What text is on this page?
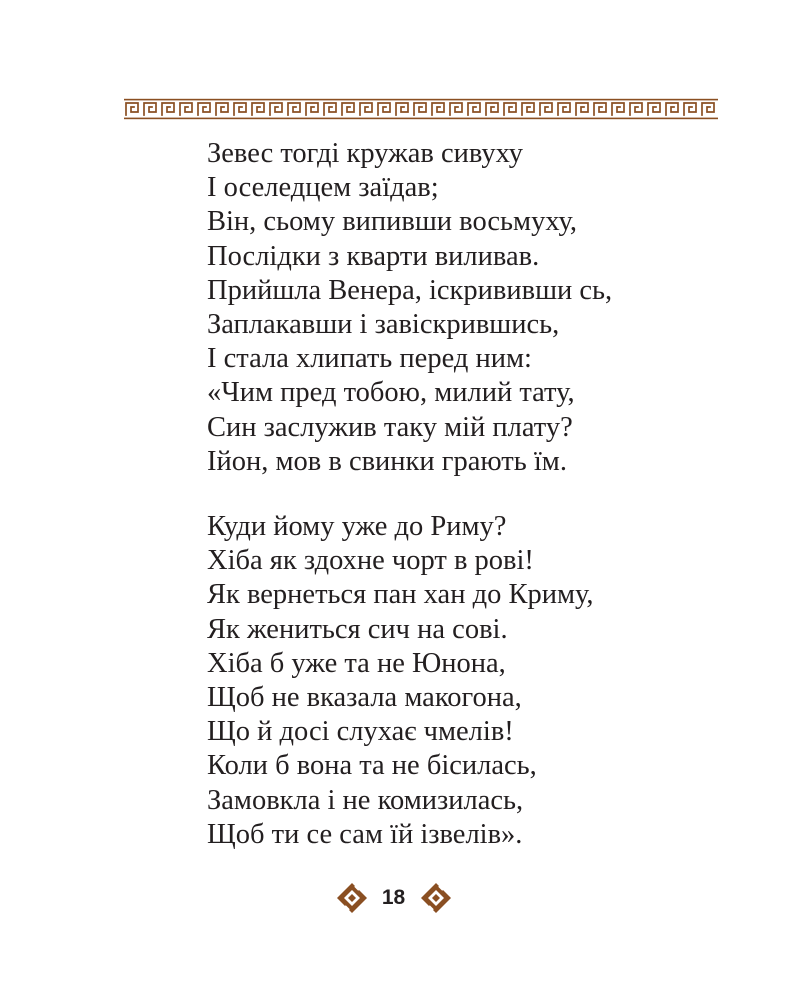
Зевес тогді кружав сивуху
І оселедцем заїдав;
Він, сьому випивши восьмуху,
Послідки з кварти виливав.
Прийшла Венера, іскрививши сь,
Заплакавши і завіскрившись,
І стала хлипать перед ним:
«Чим пред тобою, милий тату,
Син заслужив таку мій плату?
Ійон, мов в свинки грають їм.
Куди йому уже до Риму?
Хіба як здохне чорт в рові!
Як вернеться пан хан до Криму,
Як жениться сич на сові.
Хіба б уже та не Юнона,
Щоб не вказала макогона,
Що й досі слухає чмелів!
Коли б вона та не бісилась,
Замовкла і не комизилась,
Щоб ти се сам їй ізвелів».
18
